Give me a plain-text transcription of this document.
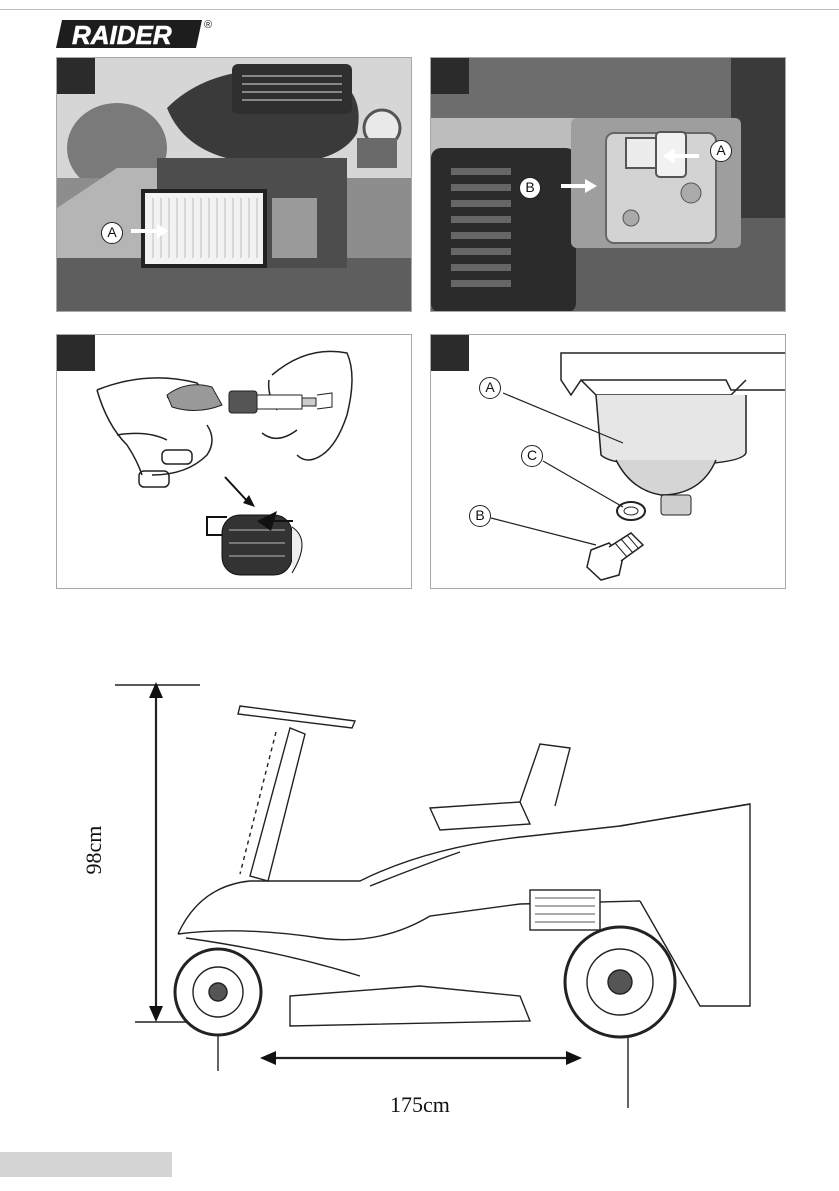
RAIDER	®
A
A
B
A
C
B
98cm
175cm
